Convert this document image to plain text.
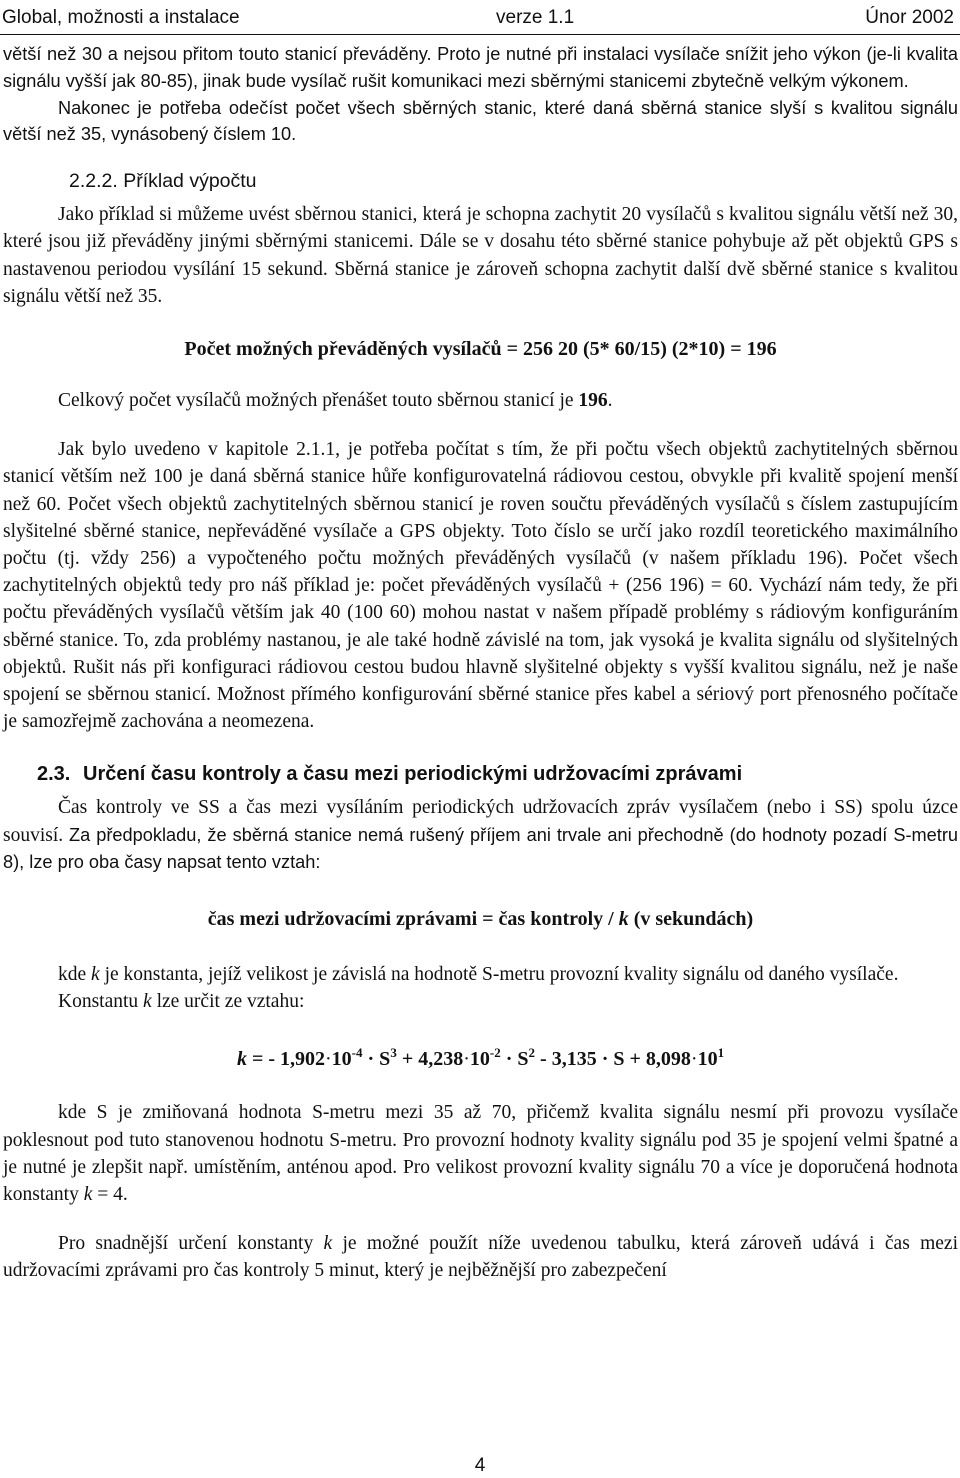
Global, možnosti a instalace	verze 1.1	Únor 2002

větší než 30 a nejsou přitom touto stanicí převáděny. Proto je nutné při instalaci vysílače snížit jeho výkon (je-li kvalita signálu vyšší jak 80-85), jinak bude vysílač rušit komunikaci mezi sběrnými stanicemi zbytečně velkým výkonem.

Nakonec je potřeba odečíst počet všech sběrných stanic, které daná sběrná stanice slyší s kvalitou signálu větší než 35, vynásobený číslem 10.

2.2.2. Příklad výpočtu

Jako příklad si můžeme uvést sběrnou stanici, která je schopna zachytit 20 vysílačů s kvalitou signálu větší než 30, které jsou již převáděny jinými sběrnými stanicemi. Dále se v dosahu této sběrné stanice pohybuje až pět objektů GPS s nastavenou periodou vysílání 15 sekund. Sběrná stanice je zároveň schopna zachytit další dvě sběrné stanice s kvalitou signálu větší než 35.

Počet možných převáděných vysílačů = 256 20 (5* 60/15) (2*10) = 196

Celkový počet vysílačů možných přenášet touto sběrnou stanicí je 196.

Jak bylo uvedeno v kapitole 2.1.1, je potřeba počítat s tím, že při počtu všech objektů zachytitelných sběrnou stanicí větším než 100 je daná sběrná stanice hůře konfigurovatelná rádiovou cestou, obvykle při kvalitě spojení menší než 60. Počet všech objektů zachytitelných sběrnou stanicí je roven součtu převáděných vysílačů s číslem zastupujícím slyšitelné sběrné stanice, nepřeváděné vysílače a GPS objekty. Toto číslo se určí jako rozdíl teoretického maximálního počtu (tj. vždy 256) a vypočteného počtu možných převáděných vysílačů (v našem příkladu 196). Počet všech zachytitelných objektů tedy pro náš příklad je: počet převáděných vysílačů + (256 196) = 60. Vychází nám tedy, že při počtu převáděných vysílačů větším jak 40 (100 60) mohou nastat v našem případě problémy s rádiovým konfiguráním sběrné stanice. To, zda problémy nastanou, je ale také hodně závislé na tom, jak vysoká je kvalita signálu od slyšitelných objektů. Rušit nás při konfiguraci rádiovou cestou budou hlavně slyšitelné objekty s vyšší kvalitou signálu, než je naše spojení se sběrnou stanicí. Možnost přímého konfigurování sběrné stanice přes kabel a sériový port přenosného počítače je samozřejmě zachována a neomezena.

2.3. Určení času kontroly a času mezi periodickými udržovacími zprávami

Čas kontroly ve SS a čas mezi vysíláním periodických udržovacích zpráv vysílačem (nebo i SS) spolu úzce souvisí. Za předpokladu, že sběrná stanice nemá rušený příjem ani trvale ani přechodně (do hodnoty pozadí S-metru 8), lze pro oba časy napsat tento vztah:

čas mezi udržovacími zprávami = čas kontroly / k (v sekundách)

kde k je konstanta, jejíž velikost je závislá na hodnotě S-metru provozní kvality signálu od daného vysílače.

Konstantu k lze určit ze vztahu:

k = - $1,902\cdot 10^{-4} \cdot S^3 + 4,238\cdot 10^{-2} \cdot S^2 - 3,135 \cdot S + 8,098\cdot 10^1$

kde S je zmiňovaná hodnota S-metru mezi 35 až 70, přičemž kvalita signálu nesmí při provozu vysílače poklesnout pod tuto stanovenou hodnotu S-metru. Pro provozní hodnoty kvality signálu pod 35 je spojení velmi špatné a je nutné je zlepšit např. umístěním, anténou apod. Pro velikost provozní kvality signálu 70 a více je doporučená hodnota konstanty k = 4.

Pro snadnější určení konstanty k je možné použít níže uvedenou tabulku, která zároveň udává i čas mezi udržovacími zprávami pro čas kontroly 5 minut, který je nejběžnější pro zabezpečení

4
